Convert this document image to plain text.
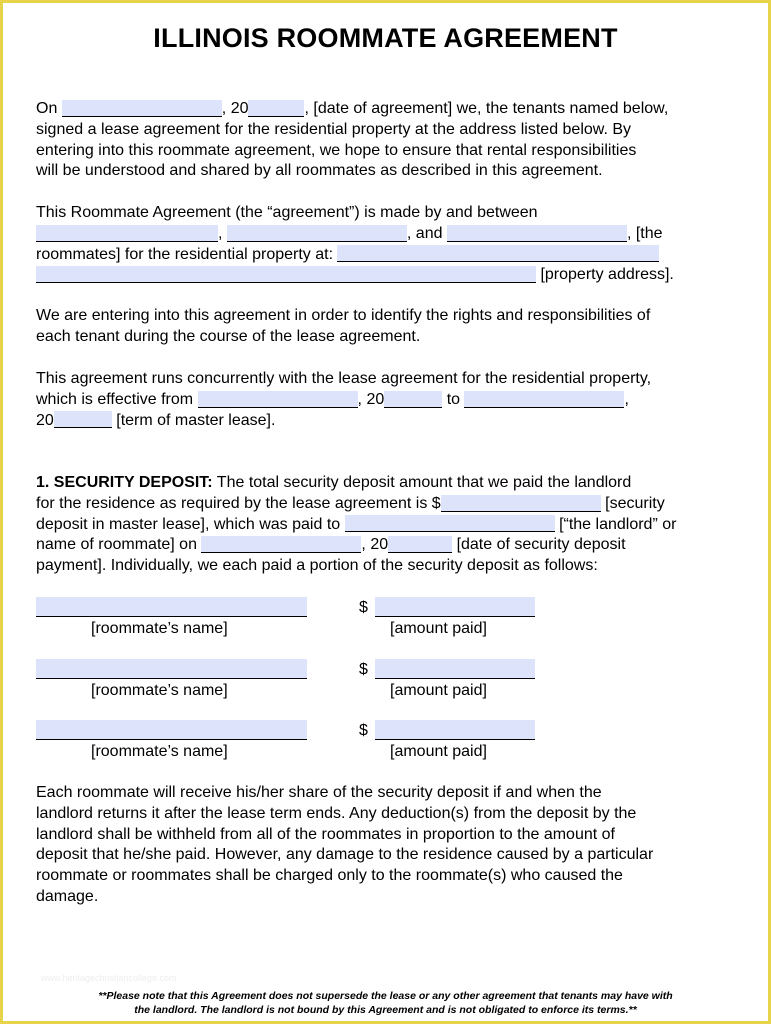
ILLINOIS ROOMMATE AGREEMENT
On	, 20	, [date of agreement] we, the tenants named below,
signed a lease agreement for the residential property at the address listed below. By
entering into this roommate agreement, we hope to ensure that rental responsibilities
will be understood and shared by all roommates as described in this agreement.
This Roommate Agreement (the “agreement”) is made by and between
,	, and	, [the
roommates] for the residential property at:
[property address].
We are entering into this agreement in order to identify the rights and responsibilities of
each tenant during the course of the lease agreement.
This agreement runs concurrently with the lease agreement for the residential property,
which is effective from	, 20	to	,
20	[term of master lease].
1. SECURITY DEPOSIT: The total security deposit amount that we paid the landlord
for the residence as required by the lease agreement is $	[security
deposit in master lease], which was paid to	[“the landlord” or
name of roommate] on	, 20	[date of security deposit
payment]. Individually, we each paid a portion of the security deposit as follows:
[roommate’s name]
$
[amount paid]
[roommate’s name]
$
[amount paid]
[roommate’s name]
$
[amount paid]
Each roommate will receive his/her share of the security deposit if and when the
landlord returns it after the lease term ends. Any deduction(s) from the deposit by the
landlord shall be withheld from all of the roommates in proportion to the amount of
deposit that he/she paid. However, any damage to the residence caused by a particular
roommate or roommates shall be charged only to the roommate(s) who caused the
damage.
www.heritagechristiancollege.com
**Please note that this Agreement does not supersede the lease or any other agreement that tenants may have with
the landlord. The landlord is not bound by this Agreement and is not obligated to enforce its terms.**
